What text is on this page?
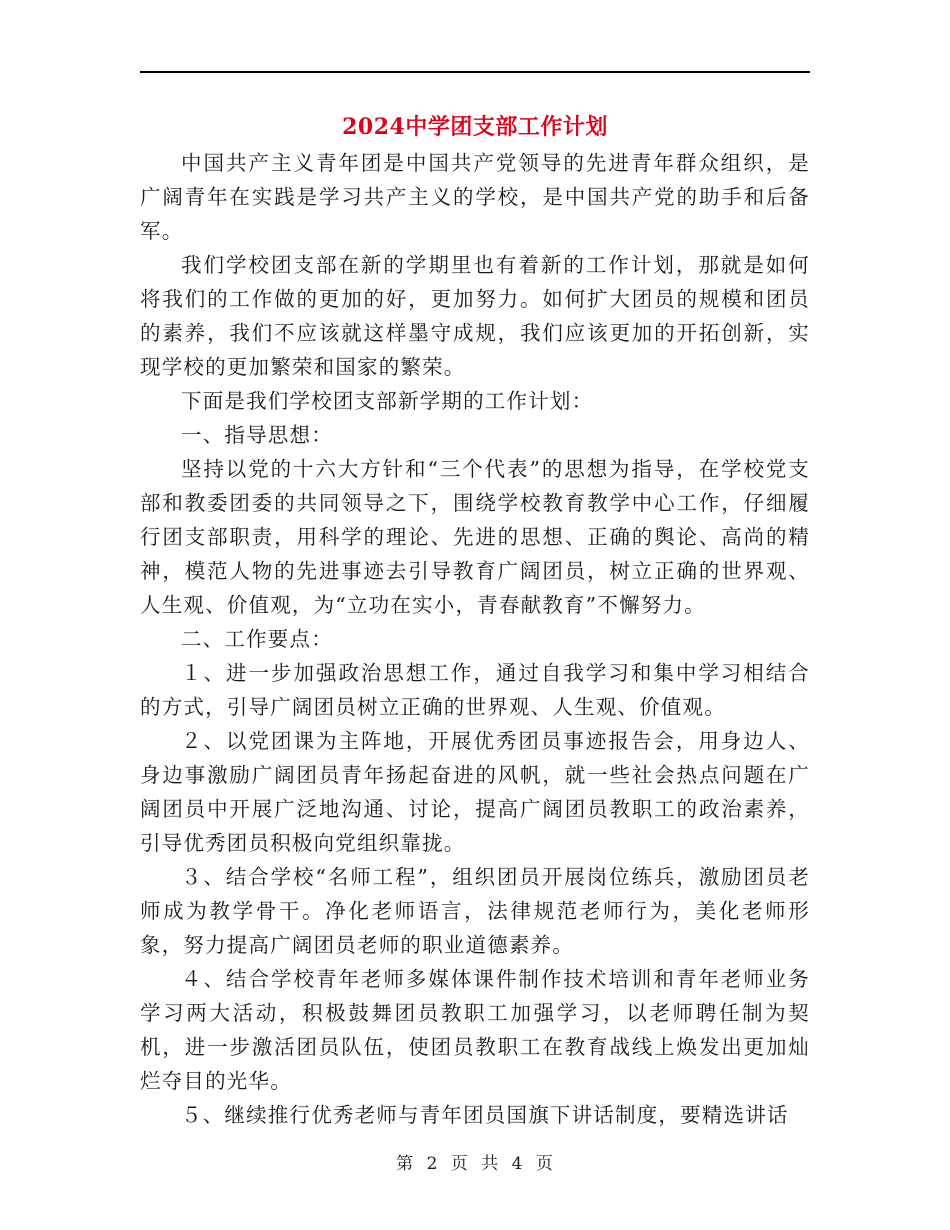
2024中学团支部工作计划

中国共产主义青年团是中国共产党领导的先进青年群众组织，是广阔青年在实践是学习共产主义的学校，是中国共产党的助手和后备军。

我们学校团支部在新的学期里也有着新的工作计划，那就是如何将我们的工作做的更加的好，更加努力。如何扩大团员的规模和团员的素养，我们不应该就这样墨守成规，我们应该更加的开拓创新，实现学校的更加繁荣和国家的繁荣。

下面是我们学校团支部新学期的工作计划：

一、指导思想：

坚持以党的十六大方针和“三个代表”的思想为指导，在学校党支部和教委团委的共同领导之下，围绕学校教育教学中心工作，仔细履行团支部职责，用科学的理论、先进的思想、正确的舆论、高尚的精神，模范人物的先进事迹去引导教育广阔团员，树立正确的世界观、人生观、价值观，为“立功在实小，青春献教育”不懈努力。

二、工作要点：

１、进一步加强政治思想工作，通过自我学习和集中学习相结合的方式，引导广阔团员树立正确的世界观、人生观、价值观。

２、以党团课为主阵地，开展优秀团员事迹报告会，用身边人、身边事激励广阔团员青年扬起奋进的风帆，就一些社会热点问题在广阔团员中开展广泛地沟通、讨论，提高广阔团员教职工的政治素养，引导优秀团员积极向党组织靠拢。

３、结合学校“名师工程”，组织团员开展岗位练兵，激励团员老师成为教学骨干。净化老师语言，法律规范老师行为，美化老师形象，努力提高广阔团员老师的职业道德素养。

４、结合学校青年老师多媒体课件制作技术培训和青年老师业务学习两大活动，积极鼓舞团员教职工加强学习，以老师聘任制为契机，进一步激活团员队伍，使团员教职工在教育战线上焕发出更加灿烂夺目的光华。

５、继续推行优秀老师与青年团员国旗下讲话制度，要精选讲话

第 2 页 共 4 页
